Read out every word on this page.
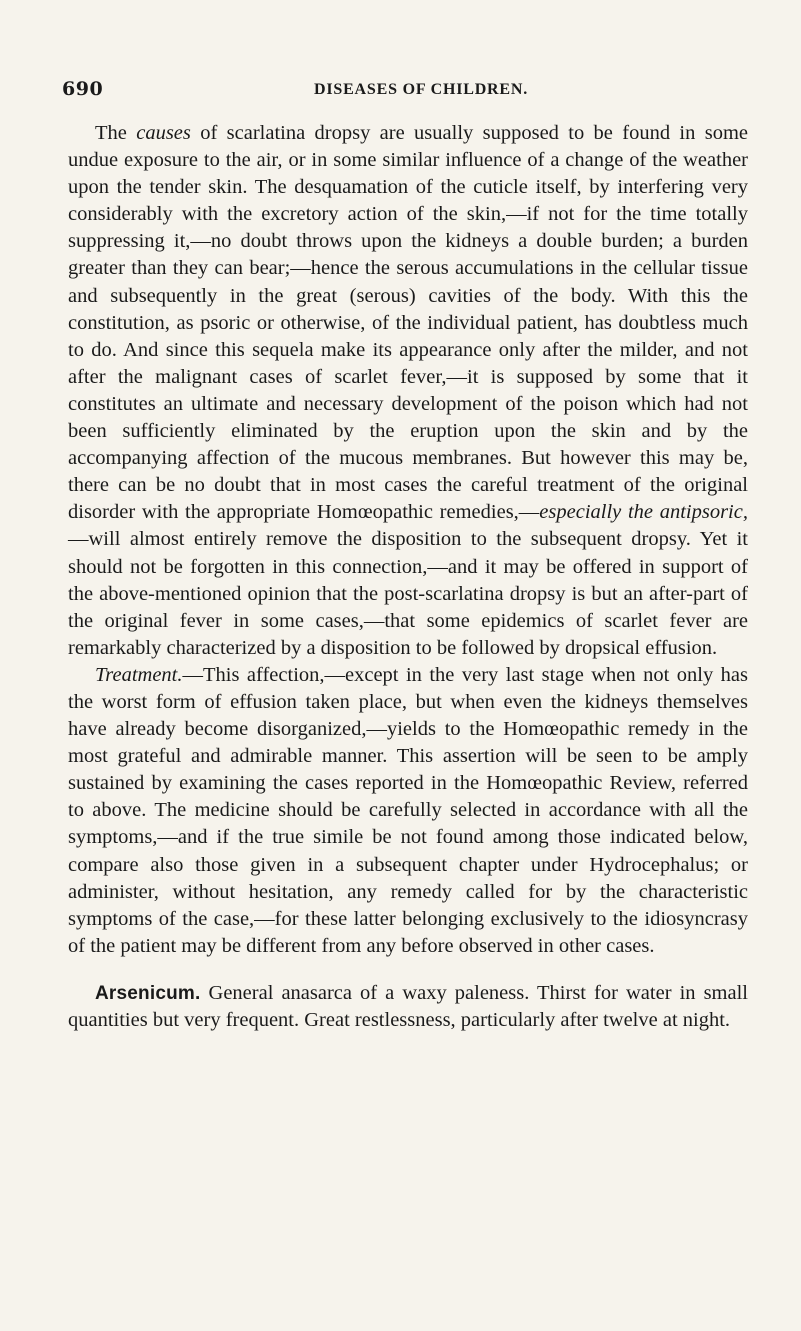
690	DISEASES OF CHILDREN.

The causes of scarlatina dropsy are usually supposed to be found in some undue exposure to the air, or in some similar influence of a change of the weather upon the tender skin. The desquamation of the cuticle itself, by interfering very considerably with the excretory action of the skin,—if not for the time totally suppressing it,—no doubt throws upon the kidneys a double burden; a burden greater than they can bear;—hence the serous accumulations in the cellular tissue and subsequently in the great (serous) cavities of the body. With this the constitution, as psoric or otherwise, of the individual patient, has doubtless much to do. And since this sequela make its appearance only after the milder, and not after the malignant cases of scarlet fever,—it is supposed by some that it constitutes an ultimate and necessary development of the poison which had not been sufficiently eliminated by the eruption upon the skin and by the accompanying affection of the mucous membranes. But however this may be, there can be no doubt that in most cases the careful treatment of the original disorder with the appropriate Homœopathic remedies,—especially the antipsoric,—will almost entirely remove the disposition to the subsequent dropsy. Yet it should not be forgotten in this connection,—and it may be offered in support of the above-mentioned opinion that the post-scarlatina dropsy is but an after-part of the original fever in some cases,—that some epidemics of scarlet fever are remarkably characterized by a disposition to be followed by dropsical effusion.

Treatment.—This affection,—except in the very last stage when not only has the worst form of effusion taken place, but when even the kidneys themselves have already become disorganized,—yields to the Homœopathic remedy in the most grateful and admirable manner. This assertion will be seen to be amply sustained by examining the cases reported in the Homœopathic Review, referred to above. The medicine should be carefully selected in accordance with all the symptoms,—and if the true simile be not found among those indicated below, compare also those given in a subsequent chapter under Hydrocephalus; or administer, without hesitation, any remedy called for by the characteristic symptoms of the case,—for these latter belonging exclusively to the idiosyncrasy of the patient may be different from any before observed in other cases.

Arsenicum. General anasarca of a waxy paleness. Thirst for water in small quantities but very frequent. Great restlessness, particularly after twelve at night.
